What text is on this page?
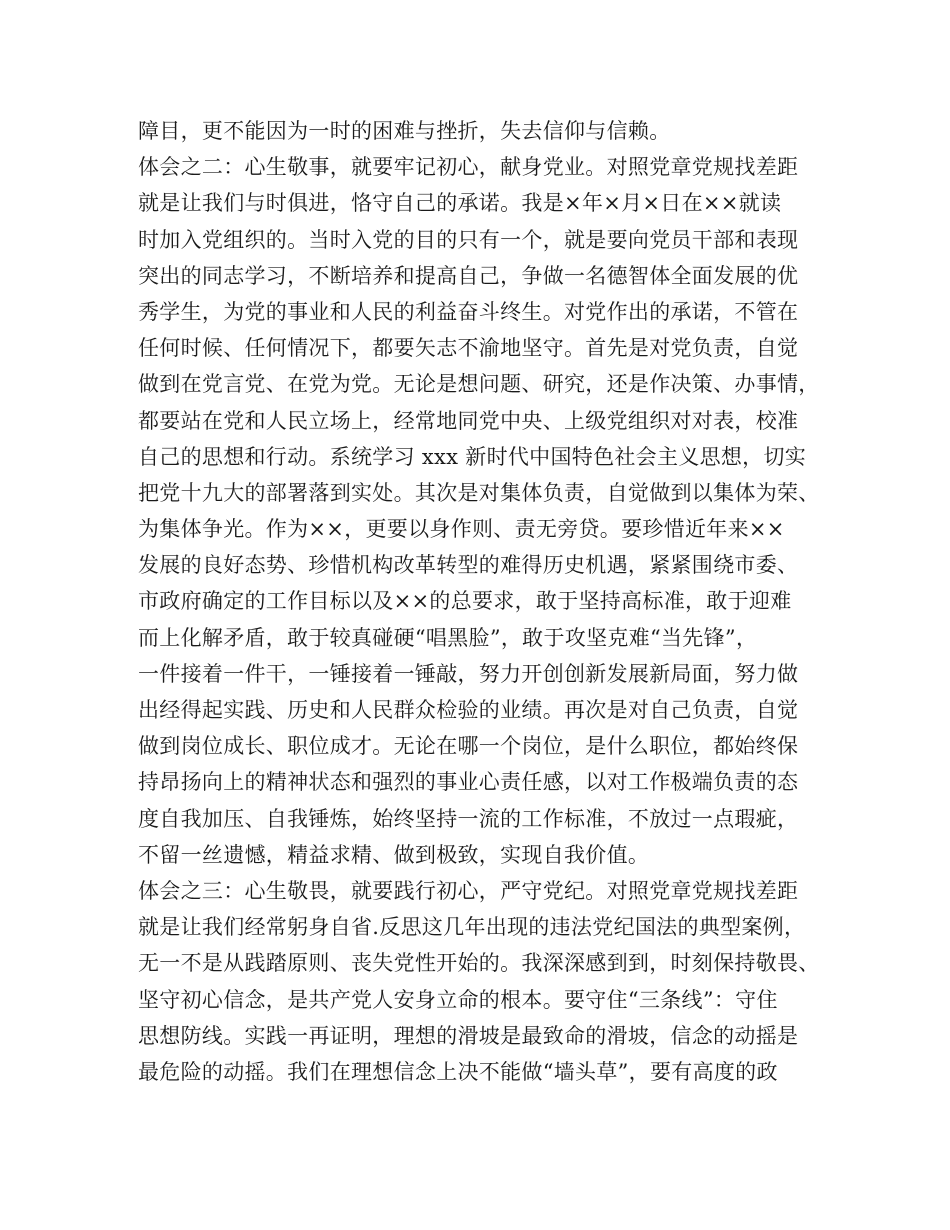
障目，更不能因为一时的困难与挫折，失去信仰与信赖。
体会之二：心生敬事，就要牢记初心，献身党业。对照党章党规找差距
就是让我们与时俱进，恪守自己的承诺。我是×年×月×日在××就读
时加入党组织的。当时入党的目的只有一个，就是要向党员干部和表现
突出的同志学习，不断培养和提高自己，争做一名德智体全面发展的优
秀学生，为党的事业和人民的利益奋斗终生。对党作出的承诺，不管在
任何时候、任何情况下，都要矢志不渝地坚守。首先是对党负责，自觉
做到在党言党、在党为党。无论是想问题、研究，还是作决策、办事情，
都要站在党和人民立场上，经常地同党中央、上级党组织对对表，校准
自己的思想和行动。系统学习 xxx 新时代中国特色社会主义思想，切实
把党十九大的部署落到实处。其次是对集体负责，自觉做到以集体为荣、
为集体争光。作为××，更要以身作则、责无旁贷。要珍惜近年来××
发展的良好态势、珍惜机构改革转型的难得历史机遇，紧紧围绕市委、
市政府确定的工作目标以及××的总要求，敢于坚持高标准，敢于迎难
而上化解矛盾，敢于较真碰硬“唱黑脸”，敢于攻坚克难“当先锋”，
一件接着一件干，一锤接着一锤敲，努力开创创新发展新局面，努力做
出经得起实践、历史和人民群众检验的业绩。再次是对自己负责，自觉
做到岗位成长、职位成才。无论在哪一个岗位，是什么职位，都始终保
持昂扬向上的精神状态和强烈的事业心责任感，以对工作极端负责的态
度自我加压、自我锤炼，始终坚持一流的工作标准，不放过一点瑕疵，
不留一丝遗憾，精益求精、做到极致，实现自我价值。
体会之三：心生敬畏，就要践行初心，严守党纪。对照党章党规找差距
就是让我们经常躬身自省.反思这几年出现的违法党纪国法的典型案例，
无一不是从践踏原则、丧失党性开始的。我深深感到到，时刻保持敬畏、
坚守初心信念，是共产党人安身立命的根本。要守住“三条线”：守住
思想防线。实践一再证明，理想的滑坡是最致命的滑坡，信念的动摇是
最危险的动摇。我们在理想信念上决不能做“墙头草”，要有高度的政
